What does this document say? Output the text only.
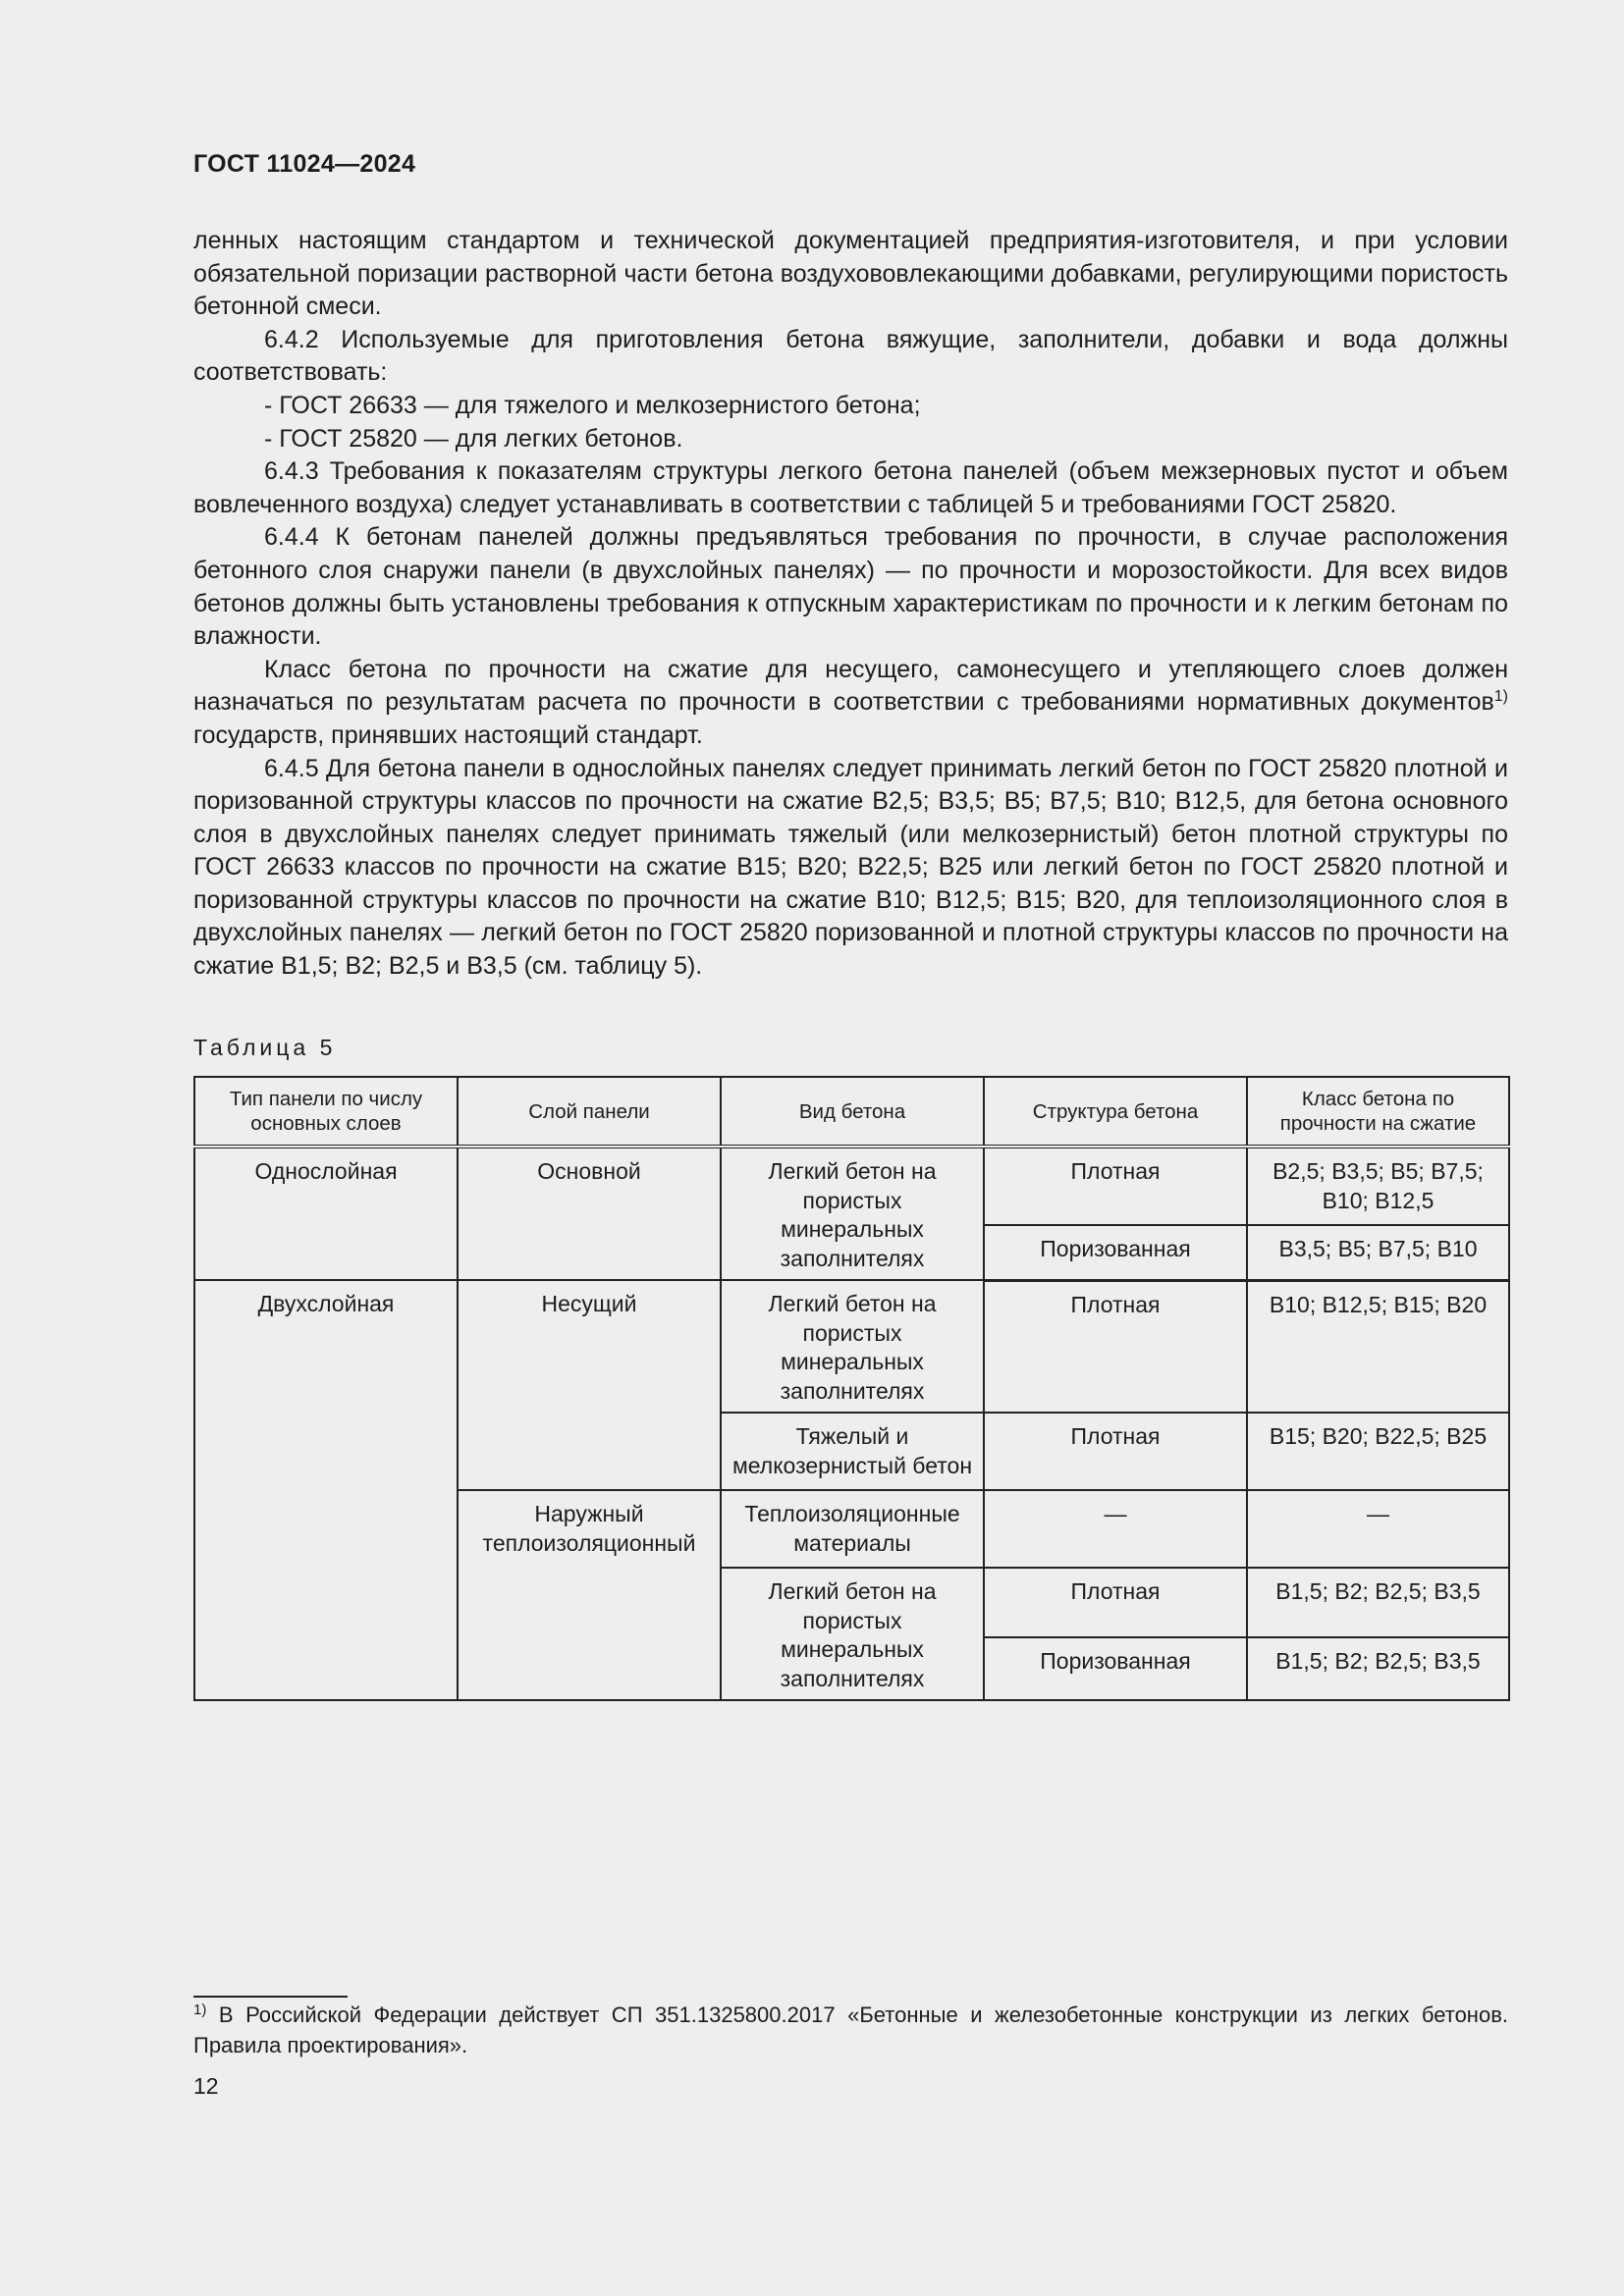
ГОСТ 11024—2024

ленных настоящим стандартом и технической документацией предприятия-изготовителя, и при условии обязательной поризации растворной части бетона воздухововлекающими добавками, регулирующими пористость бетонной смеси.

6.4.2 Используемые для приготовления бетона вяжущие, заполнители, добавки и вода должны соответствовать:

- ГОСТ 26633 — для тяжелого и мелкозернистого бетона;

- ГОСТ 25820 — для легких бетонов.

6.4.3 Требования к показателям структуры легкого бетона панелей (объем межзерновых пустот и объем вовлеченного воздуха) следует устанавливать в соответствии с таблицей 5 и требованиями ГОСТ 25820.

6.4.4 К бетонам панелей должны предъявляться требования по прочности, в случае расположения бетонного слоя снаружи панели (в двухслойных панелях) — по прочности и морозостойкости. Для всех видов бетонов должны быть установлены требования к отпускным характеристикам по прочности и к легким бетонам по влажности.

Класс бетона по прочности на сжатие для несущего, самонесущего и утепляющего слоев должен назначаться по результатам расчета по прочности в соответствии с требованиями нормативных документов$^{1)}$ государств, принявших настоящий стандарт.

6.4.5 Для бетона панели в однослойных панелях следует принимать легкий бетон по ГОСТ 25820 плотной и поризованной структуры классов по прочности на сжатие В2,5; В3,5; В5; В7,5; В10; В12,5, для бетона основного слоя в двухслойных панелях следует принимать тяжелый (или мелкозернистый) бетон плотной структуры по ГОСТ 26633 классов по прочности на сжатие В15; В20; В22,5; В25 или легкий бетон по ГОСТ 25820 плотной и поризованной структуры классов по прочности на сжатие В10; В12,5; В15; В20, для теплоизоляционного слоя в двухслойных панелях — легкий бетон по ГОСТ 25820 поризованной и плотной структуры классов по прочности на сжатие В1,5; В2; В2,5 и В3,5 (см. таблицу 5).

Таблица 5
Тип панели по числу основных слоев	Слой панели	Вид бетона	Структура бетона	Класс бетона по прочности на сжатие
Однослойная	Основной	Легкий бетон на пористых минеральных заполнителях	Плотная	В2,5; В3,5; В5; В7,5; В10; В12,5
			Поризованная	В3,5; В5; В7,5; В10
Двухслойная	Несущий	Легкий бетон на пористых минеральных заполнителях	Плотная	В10; В12,5; В15; В20
		Тяжелый и мелкозернистый бетон	Плотная	В15; В20; В22,5; В25
	Наружный теплоизоляционный	Теплоизоляционные материалы	—	—
		Легкий бетон на пористых минеральных заполнителях	Плотная	В1,5; В2; В2,5; В3,5
			Поризованная	В1,5; В2; В2,5; В3,5
$^{1)}$ В Российской Федерации действует СП 351.1325800.2017 «Бетонные и железобетонные конструкции из легких бетонов. Правила проектирования».
12
